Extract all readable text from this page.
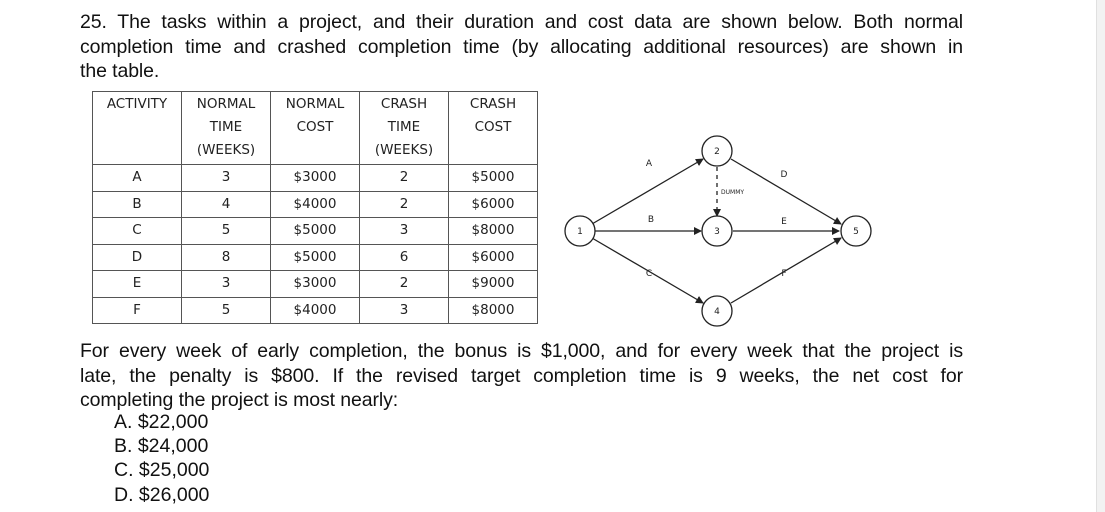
25. The tasks within a project, and their duration and cost data are shown below. Both normal
completion time and crashed completion time (by allocating additional resources) are shown in
the table.
ACTIVITY	NORMAL
TIME
(WEEKS)	NORMAL
COST	CRASH
TIME
(WEEKS)	CRASH
COST

A	3	$3000	2	$5000
B	4	$4000	2	$6000
C	5	$5000	3	$8000
D	8	$5000	6	$6000
E	3	$3000	2	$9000
F	5	$4000	3	$8000
1
2
3
4
5
A
B
C
D
E
F
DUMMY
For every week of early completion, the bonus is $1,000, and for every week that the project is
late, the penalty is $800. If the revised target completion time is 9 weeks, the net cost for
completing the project is most nearly:
A. $22,000
B. $24,000
C. $25,000
D. $26,000
